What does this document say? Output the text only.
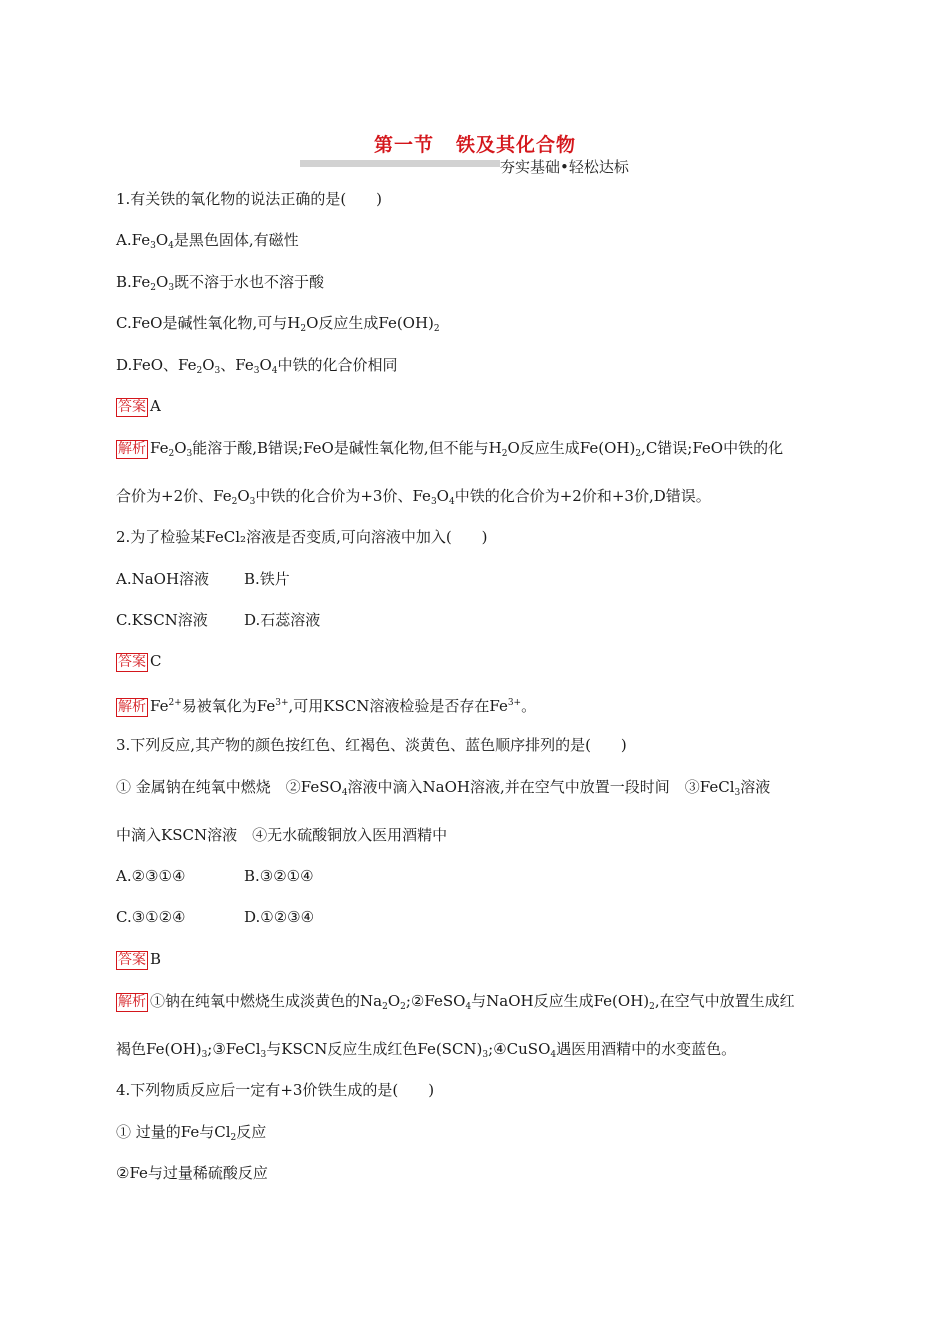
第一节 铁及其化合物
夯实基础•轻松达标
1.有关铁的氧化物的说法正确的是(　　)
$A.Fe_3O_4$是黑色固体,有磁性
$B.Fe_2O_3$既不溶于水也不溶于酸
C.FeO是碱性氧化物,可与$H_2O$反应生成$Fe(OH)_2$
D.FeO、$Fe_2O_3$、$Fe_3O_4$中铁的化合价相同
答案 A
解析 $Fe_2O_3$能溶于酸,B错误;FeO是碱性氧化物,但不能与$H_2O$反应生成$Fe(OH)_2,C$错误;FeO中铁的化
合价为+2价、$Fe_2O_3$中铁的化合价为+3价、$Fe_3O_4$中铁的化合价为+2价和+3价,D错误。
2.为了检验某FeCl₂溶液是否变质,可向溶液中加入(　　)
A.NaOH溶液 B.铁片
C.KSCN溶液 D.石蕊溶液
答案 C
解析 $Fe^{2+}$易被氧化为$Fe^{3+}$,可用KSCN溶液检验是否存在$Fe^{3+}$。
3.下列反应,其产物的颜色按红色、红褐色、淡黄色、蓝色顺序排列的是(　　)
① 金属钠在纯氧中燃烧　②FeSO$_4$溶液中滴入NaOH溶液,并在空气中放置一段时间　③FeCl$_3$溶液
中滴入KSCN溶液　④无水硫酸铜放入医用酒精中
A.②③①④	B.③②①④
C.③①②④	D.①②③④
答案 B
解析 ①钠在纯氧中燃烧生成淡黄色的$Na_2O_2;②FeSO_4$与NaOH反应生成$Fe(OH)_2$,在空气中放置生成红
褐色$Fe(OH)_3;③FeCl_3$与KSCN反应生成红色$Fe(SCN)_3;④CuSO_4$遇医用酒精中的水变蓝色。
4.下列物质反应后一定有+3价铁生成的是(　　)
① 过量的Fe与$Cl_2$反应
②Fe与过量稀硫酸反应
